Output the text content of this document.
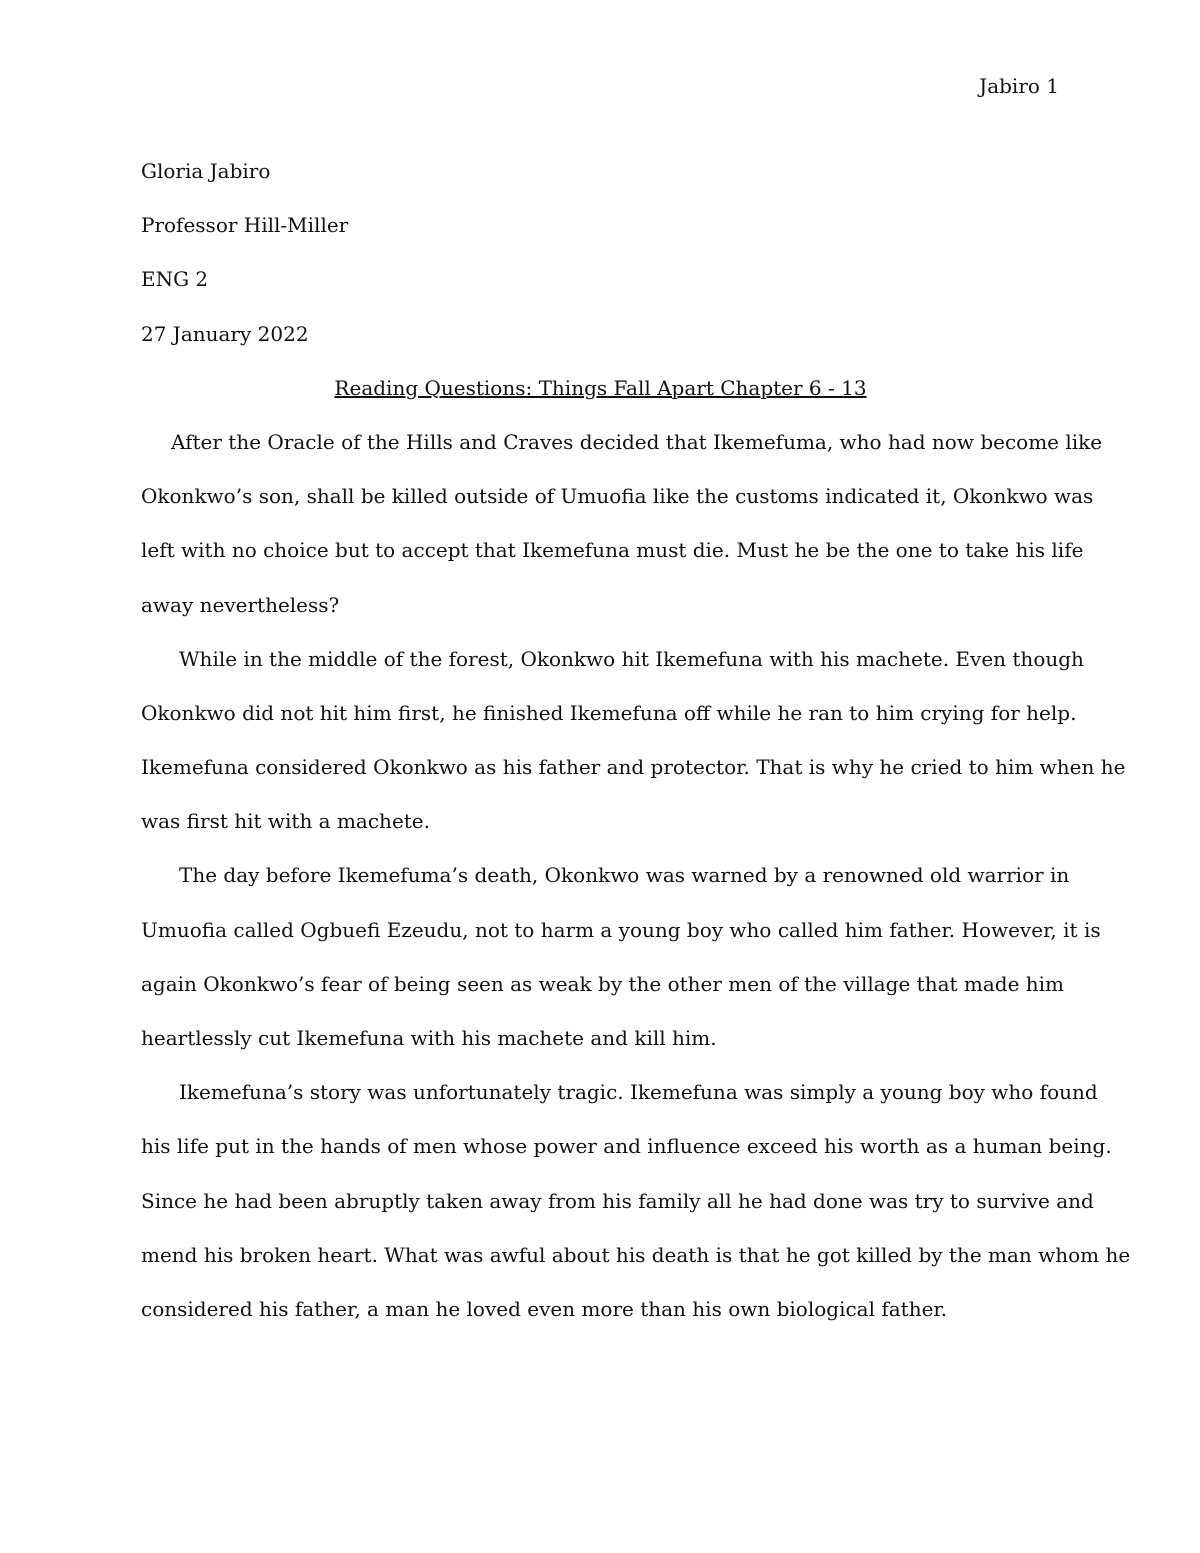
Jabiro 1
Gloria Jabiro
Professor Hill-Miller
ENG 2
27 January 2022
Reading Questions: Things Fall Apart Chapter 6 - 13
After the Oracle of the Hills and Craves decided that Ikemefuma, who had now become like
Okonkwo’s son, shall be killed outside of Umuofia like the customs indicated it, Okonkwo was
left with no choice but to accept that Ikemefuna must die. Must he be the one to take his life
away nevertheless?
While in the middle of the forest, Okonkwo hit Ikemefuna with his machete. Even though
Okonkwo did not hit him first, he finished Ikemefuna off while he ran to him crying for help.
Ikemefuna considered Okonkwo as his father and protector. That is why he cried to him when he
was first hit with a machete.
The day before Ikemefuma’s death, Okonkwo was warned by a renowned old warrior in
Umuofia called Ogbuefi Ezeudu, not to harm a young boy who called him father. However, it is
again Okonkwo’s fear of being seen as weak by the other men of the village that made him
heartlessly cut Ikemefuna with his machete and kill him.
Ikemefuna’s story was unfortunately tragic. Ikemefuna was simply a young boy who found
his life put in the hands of men whose power and influence exceed his worth as a human being.
Since he had been abruptly taken away from his family all he had done was try to survive and
mend his broken heart. What was awful about his death is that he got killed by the man whom he
considered his father, a man he loved even more than his own biological father.
